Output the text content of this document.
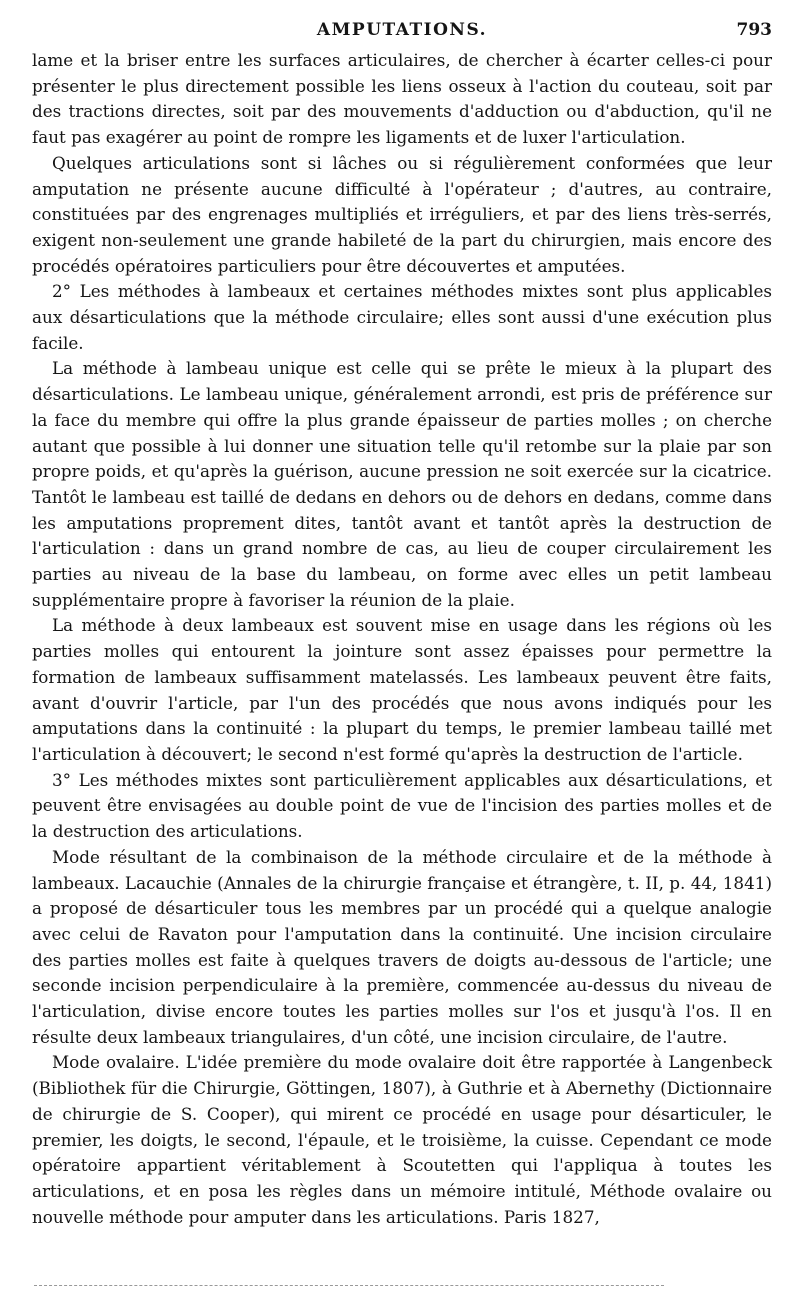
AMPUTATIONS.	793

lame et la briser entre les surfaces articulaires, de chercher à écarter celles-ci pour présenter le plus directement possible les liens osseux à l'action du couteau, soit par des tractions directes, soit par des mouvements d'adduction ou d'abduction, qu'il ne faut pas exagérer au point de rompre les ligaments et de luxer l'articulation.

Quelques articulations sont si lâches ou si régulièrement conformées que leur amputation ne présente aucune difficulté à l'opérateur ; d'autres, au contraire, constituées par des engrenages multipliés et irréguliers, et par des liens très-serrés, exigent non-seulement une grande habileté de la part du chirurgien, mais encore des procédés opératoires particuliers pour être découvertes et amputées.

2° Les méthodes à lambeaux et certaines méthodes mixtes sont plus applicables aux désarticulations que la méthode circulaire; elles sont aussi d'une exécution plus facile.

La méthode à lambeau unique est celle qui se prête le mieux à la plupart des désarticulations. Le lambeau unique, généralement arrondi, est pris de préférence sur la face du membre qui offre la plus grande épaisseur de parties molles ; on cherche autant que possible à lui donner une situation telle qu'il retombe sur la plaie par son propre poids, et qu'après la guérison, aucune pression ne soit exercée sur la cicatrice. Tantôt le lambeau est taillé de dedans en dehors ou de dehors en dedans, comme dans les amputations proprement dites, tantôt avant et tantôt après la destruction de l'articulation : dans un grand nombre de cas, au lieu de couper circulairement les parties au niveau de la base du lambeau, on forme avec elles un petit lambeau supplémentaire propre à favoriser la réunion de la plaie.

La méthode à deux lambeaux est souvent mise en usage dans les régions où les parties molles qui entourent la jointure sont assez épaisses pour permettre la formation de lambeaux suffisamment matelassés. Les lambeaux peuvent être faits, avant d'ouvrir l'article, par l'un des procédés que nous avons indiqués pour les amputations dans la continuité : la plupart du temps, le premier lambeau taillé met l'articulation à découvert; le second n'est formé qu'après la destruction de l'article.

3° Les méthodes mixtes sont particulièrement applicables aux désarticulations, et peuvent être envisagées au double point de vue de l'incision des parties molles et de la destruction des articulations.

Mode résultant de la combinaison de la méthode circulaire et de la méthode à lambeaux. Lacauchie (Annales de la chirurgie française et étrangère, t. II, p. 44, 1841) a proposé de désarticuler tous les membres par un procédé qui a quelque analogie avec celui de Ravaton pour l'amputation dans la continuité. Une incision circulaire des parties molles est faite à quelques travers de doigts au-dessous de l'article; une seconde incision perpendiculaire à la première, commencée au-dessus du niveau de l'articulation, divise encore toutes les parties molles sur l'os et jusqu'à l'os. Il en résulte deux lambeaux triangulaires, d'un côté, une incision circulaire, de l'autre.

Mode ovalaire. L'idée première du mode ovalaire doit être rapportée à Langenbeck (Bibliothek für die Chirurgie, Göttingen, 1807), à Guthrie et à Abernethy (Dictionnaire de chirurgie de S. Cooper), qui mirent ce procédé en usage pour désarticuler, le premier, les doigts, le second, l'épaule, et le troisième, la cuisse. Cependant ce mode opératoire appartient véritablement à Scoutetten qui l'appliqua à toutes les articulations, et en posa les règles dans un mémoire intitulé, Méthode ovalaire ou nouvelle méthode pour amputer dans les articulations. Paris 1827,
